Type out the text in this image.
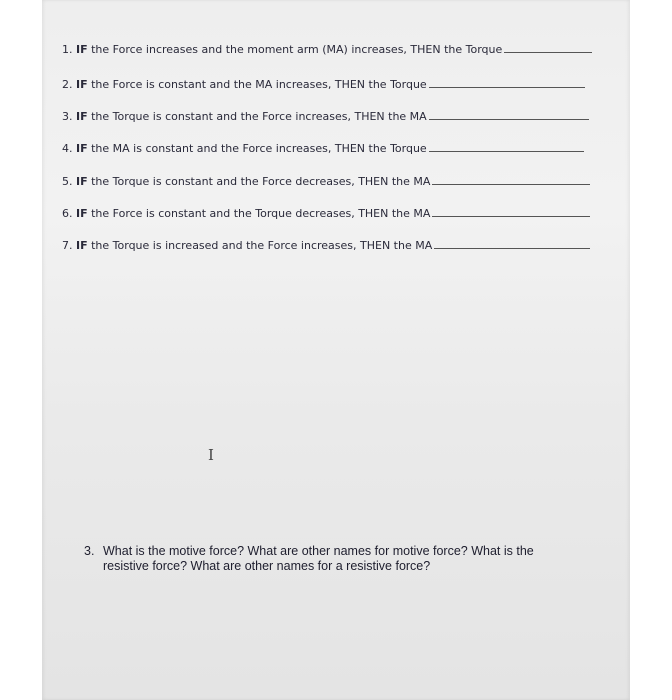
1. IF the Force increases and the moment arm (MA) increases, THEN the Torque
2. IF the Force is constant and the MA increases, THEN the Torque
3. IF the Torque is constant and the Force increases, THEN the MA
4. IF the MA is constant and the Force increases, THEN the Torque
5. IF the Torque is constant and the Force decreases, THEN the MA
6. IF the Force is constant and the Torque decreases, THEN the MA
7. IF the Torque is increased and the Force increases, THEN the MA
I
3. What is the motive force? What are other names for motive force? What is the
resistive force? What are other names for a resistive force?
